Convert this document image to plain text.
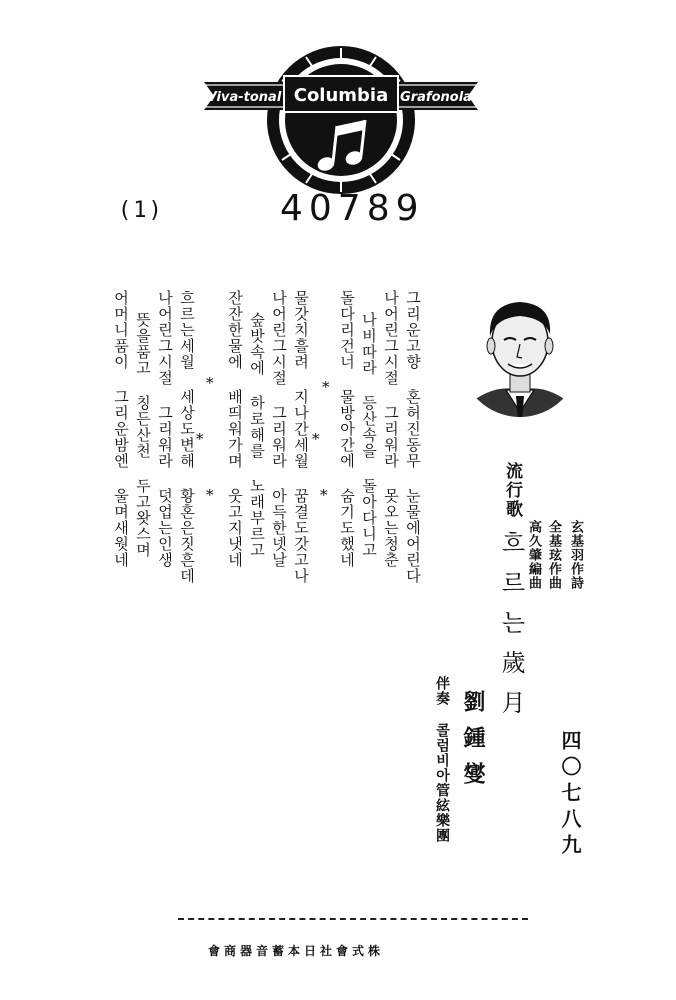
Viva-tonal Columbia Grafonola
(1)	40789
流行歌
흐르는歲月	玄基羽作詩
全基玹作曲
高久肇編曲
劉鍾燮
伴奏 콜럼비아管絃樂團	四〇七八九
그리운고향 혼허진동무 눈물에어린다
나어린그시절 그리워라 못오는청춘
나비따라 등산속을 돌아다니고
돌다리건너 물방아간에 숨기도했네
*
*
*
물갓치흘려 지나간세월 꿈결도갓고나
나어린그시절 그리워라 아득한넷날
숲밧속에 하로해를 노래부르고
잔잔한물에 배띄워가며 웃고지냇네
*
*
*
흐르는세월 세상도변해 황혼은짓흔데
나어린그시절 그리워라 덧업는인생
뜻을품고 칭든산천 두고왓스며
어머니품이 그리운밤엔 울며새웟네
會商器音蓄本日社會式株
